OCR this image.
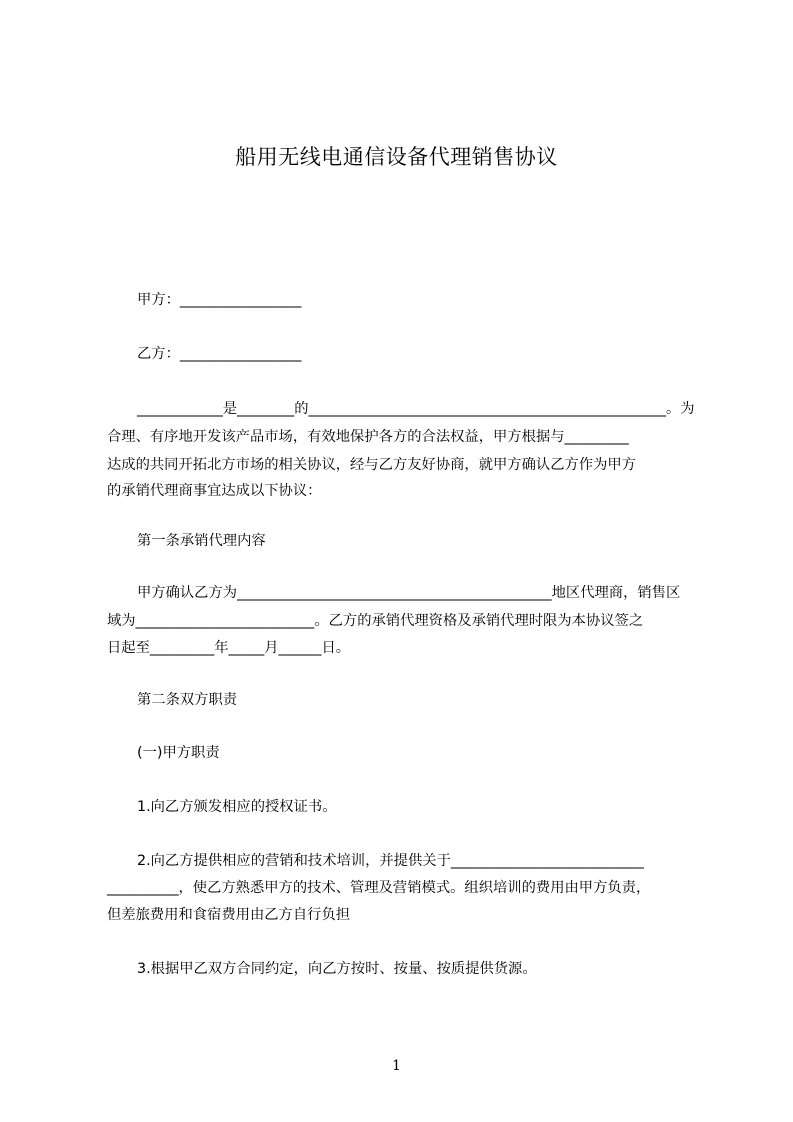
船用无线电通信设备代理销售协议
甲方：_________________
乙方：_________________
____________是________的__________________________________________________。为
合理、有序地开发该产品市场，有效地保护各方的合法权益，甲方根据与_________
达成的共同开拓北方市场的相关协议，经与乙方友好协商，就甲方确认乙方作为甲方
的承销代理商事宜达成以下协议：
第一条承销代理内容
甲方确认乙方为____________________________________________地区代理商，销售区
域为_________________________。乙方的承销代理资格及承销代理时限为本协议签之
日起至_________年_____月______日。
第二条双方职责
(一)甲方职责
1.向乙方颁发相应的授权证书。
2.向乙方提供相应的营销和技术培训，并提供关于___________________________
__________，使乙方熟悉甲方的技术、管理及营销模式。组织培训的费用由甲方负责，
但差旅费用和食宿费用由乙方自行负担
3.根据甲乙双方合同约定，向乙方按时、按量、按质提供货源。
1
